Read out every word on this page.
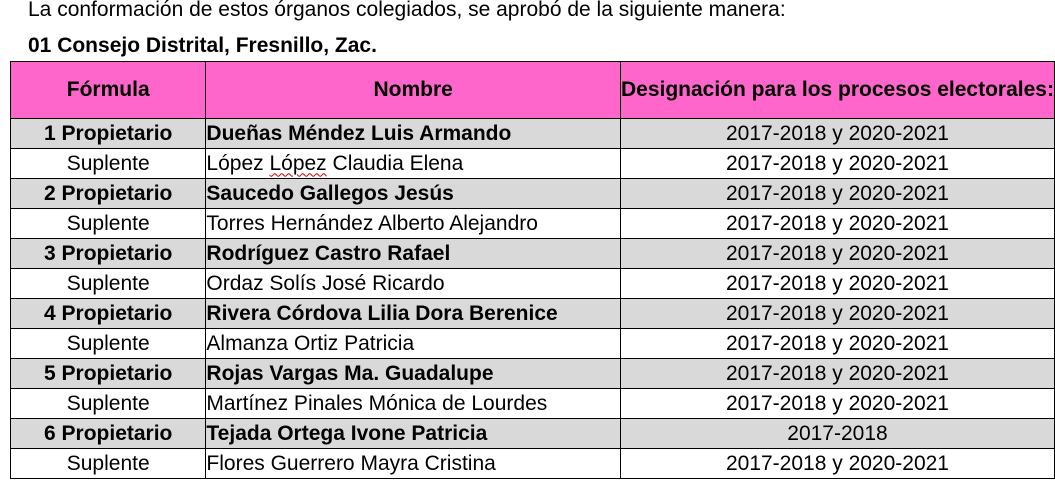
La conformación de estos órganos colegiados, se aprobó de la siguiente manera:
01 Consejo Distrital, Fresnillo, Zac.
Fórmula	Nombre	Designación para los procesos electorales:
1 Propietario	Dueñas Méndez Luis Armando	2017-2018 y 2020-2021
Suplente	López López Claudia Elena	2017-2018 y 2020-2021
2 Propietario	Saucedo Gallegos Jesús	2017-2018 y 2020-2021
Suplente	Torres Hernández Alberto Alejandro	2017-2018 y 2020-2021
3 Propietario	Rodríguez Castro Rafael	2017-2018 y 2020-2021
Suplente	Ordaz Solís José Ricardo	2017-2018 y 2020-2021
4 Propietario	Rivera Córdova Lilia Dora Berenice	2017-2018 y 2020-2021
Suplente	Almanza Ortiz Patricia	2017-2018 y 2020-2021
5 Propietario	Rojas Vargas Ma. Guadalupe	2017-2018 y 2020-2021
Suplente	Martínez Pinales Mónica de Lourdes	2017-2018 y 2020-2021
6 Propietario	Tejada Ortega Ivone Patricia	2017-2018
Suplente	Flores Guerrero Mayra Cristina	2017-2018 y 2020-2021
